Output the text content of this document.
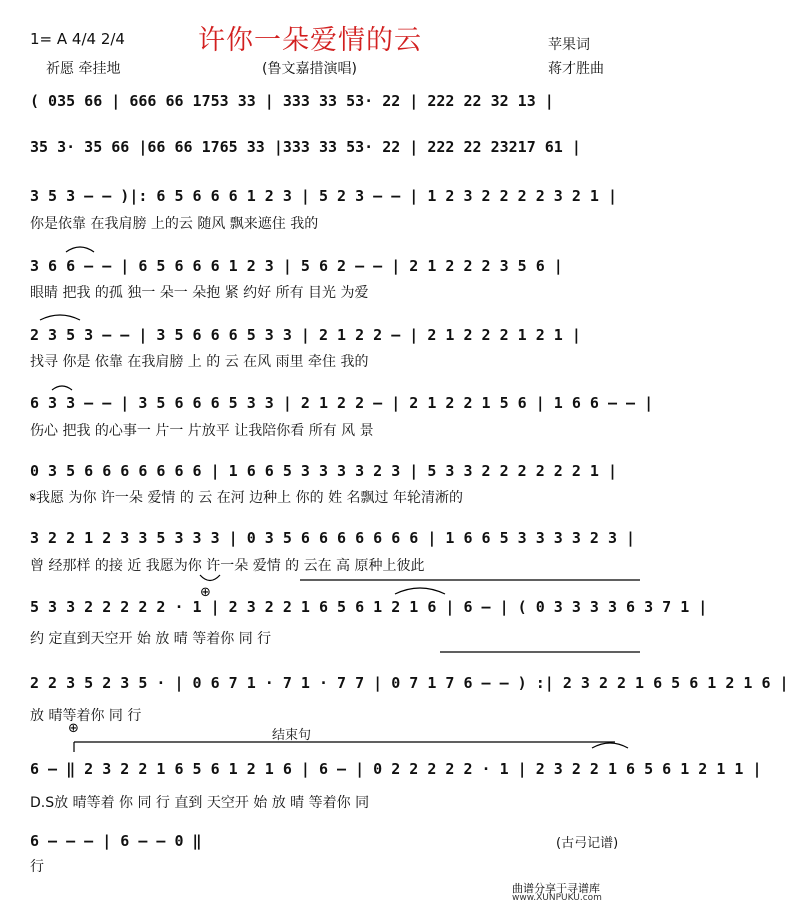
1= A 4/4 2/4	许你一朵爱情的云	苹果词
祈愿 牵挂地	(鲁文嘉措演唱)	蒋才胜曲
( 035 66 | 666 66 1753 33 | 333 33 53· 22 | 222 22 32 13 |
35 3· 35 66 |66 66 1765 33 |333 33 53· 22 | 222 22 23217 61 |
3 5 3 – – )|: 6 5 6 6 6 1 2 3 | 5 2 3 – – | 1 2 3 2 2 2 2 3 2 1 |
你是依靠 在我肩膀 上的云 随风 飘来遮住 我的
3 6 6 – – | 6 5 6 6 6 1 2 3 | 5 6 2 – – | 2 1 2 2 2 3 5 6 |
眼睛 把我 的孤 独一 朵一 朵抱 紧 约好 所有 目光 为爱
2 3 5 3 – – | 3 5 6 6 6 5 3 3 | 2 1 2 2 – | 2 1 2 2 2 1 2 1 |
找寻 你是 依靠 在我肩膀 上 的 云 在风 雨里 牵住 我的
6 3 3 – – | 3 5 6 6 6 5 3 3 | 2 1 2 2 – | 2 1 2 2 1 5 6 | 1 6 6 – – |
伤心 把我 的心事一 片一 片放平 让我陪你看 所有 风 景
0 3 5 6 6 6 6 6 6 6 | 1 6 6 5 3 3 3 3 2 3 | 5 3 3 2 2 2 2 2 2 1 |
𝄋我愿 为你 许一朵 爱情 的 云 在河 边种上 你的 姓 名飘过 年轮清淅的
3 2 2 1 2 3 3 5 3 3 3 | 0 3 5 6 6 6 6 6 6 6 | 1 6 6 5 3 3 3 3 2 3 |
曾 经那样 的接 近 我愿为你 许一朵 爱情 的 云在 高 原种上彼此
5 3 3 2 2 2 2 2 · 1 | 2 3 2 2 1 6 5 6 1 2 1 6 | 6 – | ( 0 3 3 3 3 6 3 7 1 |
约 定直到天空开 始 放 晴 等着你 同 行
2 2 3 5 2 3 5 · | 0 6 7 1 · 7 1 · 7 7 | 0 7 1 7 6 – – ) :| 2 3 2 2 1 6 5 6 1 2 1 6 |
放 晴等着你 同 行
6 – ‖ 2 3 2 2 1 6 5 6 1 2 1 6 | 6 – | 0 2 2 2 2 2 · 1 | 2 3 2 2 1 6 5 6 1 2 1 1 |
D.S放 晴等着 你 同 行 直到 天空开 始 放 晴 等着你 同
6 – – – | 6 – – 0 ‖
行
⊕
⊕	结束句
(古弓记谱)
曲谱分享于寻谱库
www.XUNPUKU.com
